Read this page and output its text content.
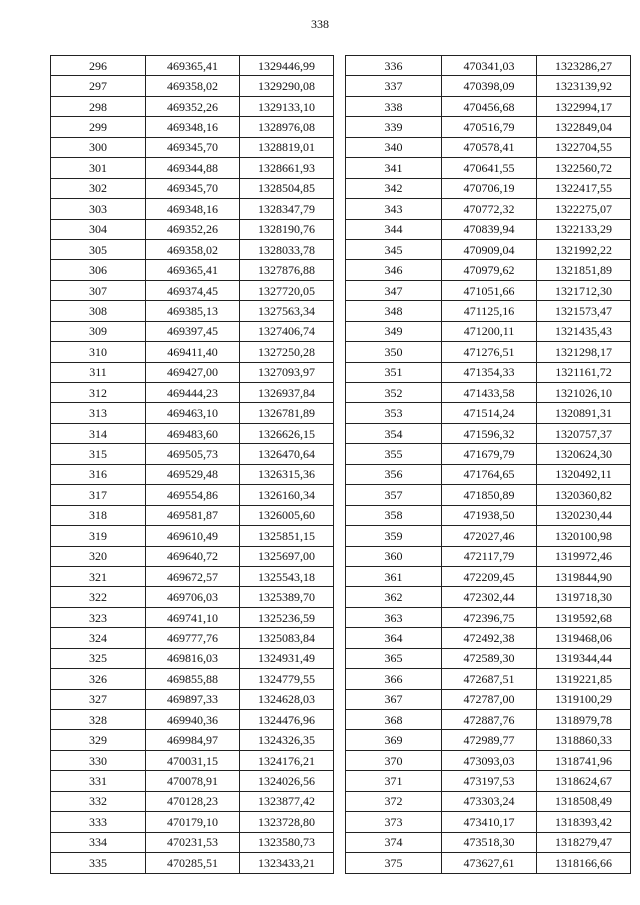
338
296	469365,41	1329446,99
297	469358,02	1329290,08
298	469352,26	1329133,10
299	469348,16	1328976,08
300	469345,70	1328819,01
301	469344,88	1328661,93
302	469345,70	1328504,85
303	469348,16	1328347,79
304	469352,26	1328190,76
305	469358,02	1328033,78
306	469365,41	1327876,88
307	469374,45	1327720,05
308	469385,13	1327563,34
309	469397,45	1327406,74
310	469411,40	1327250,28
311	469427,00	1327093,97
312	469444,23	1326937,84
313	469463,10	1326781,89
314	469483,60	1326626,15
315	469505,73	1326470,64
316	469529,48	1326315,36
317	469554,86	1326160,34
318	469581,87	1326005,60
319	469610,49	1325851,15
320	469640,72	1325697,00
321	469672,57	1325543,18
322	469706,03	1325389,70
323	469741,10	1325236,59
324	469777,76	1325083,84
325	469816,03	1324931,49
326	469855,88	1324779,55
327	469897,33	1324628,03
328	469940,36	1324476,96
329	469984,97	1324326,35
330	470031,15	1324176,21
331	470078,91	1324026,56
332	470128,23	1323877,42
333	470179,10	1323728,80
334	470231,53	1323580,73
335	470285,51	1323433,21
336	470341,03	1323286,27
337	470398,09	1323139,92
338	470456,68	1322994,17
339	470516,79	1322849,04
340	470578,41	1322704,55
341	470641,55	1322560,72
342	470706,19	1322417,55
343	470772,32	1322275,07
344	470839,94	1322133,29
345	470909,04	1321992,22
346	470979,62	1321851,89
347	471051,66	1321712,30
348	471125,16	1321573,47
349	471200,11	1321435,43
350	471276,51	1321298,17
351	471354,33	1321161,72
352	471433,58	1321026,10
353	471514,24	1320891,31
354	471596,32	1320757,37
355	471679,79	1320624,30
356	471764,65	1320492,11
357	471850,89	1320360,82
358	471938,50	1320230,44
359	472027,46	1320100,98
360	472117,79	1319972,46
361	472209,45	1319844,90
362	472302,44	1319718,30
363	472396,75	1319592,68
364	472492,38	1319468,06
365	472589,30	1319344,44
366	472687,51	1319221,85
367	472787,00	1319100,29
368	472887,76	1318979,78
369	472989,77	1318860,33
370	473093,03	1318741,96
371	473197,53	1318624,67
372	473303,24	1318508,49
373	473410,17	1318393,42
374	473518,30	1318279,47
375	473627,61	1318166,66
